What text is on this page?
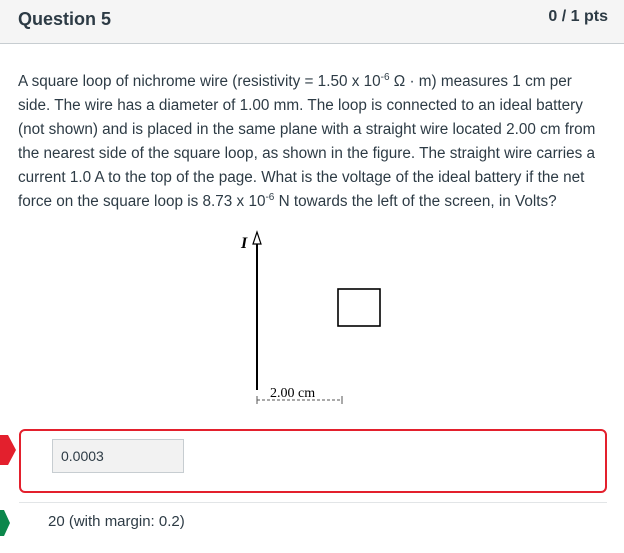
Question 5	0 / 1 pts
A square loop of nichrome wire (resistivity = 1.50 x $10^{-6}$ Ω · m) measures 1 cm per
side. The wire has a diameter of 1.00 mm. The loop is connected to an ideal battery
(not shown) and is placed in the same plane with a straight wire located 2.00 cm from
the nearest side of the square loop, as shown in the figure. The straight wire carries a
current 1.0 A to the top of the page. What is the voltage of the ideal battery if the net
force on the square loop is 8.73 x $10^{-6}$ N towards the left of the screen, in Volts?
I
2.00 cm
0.0003
20 (with margin: 0.2)
